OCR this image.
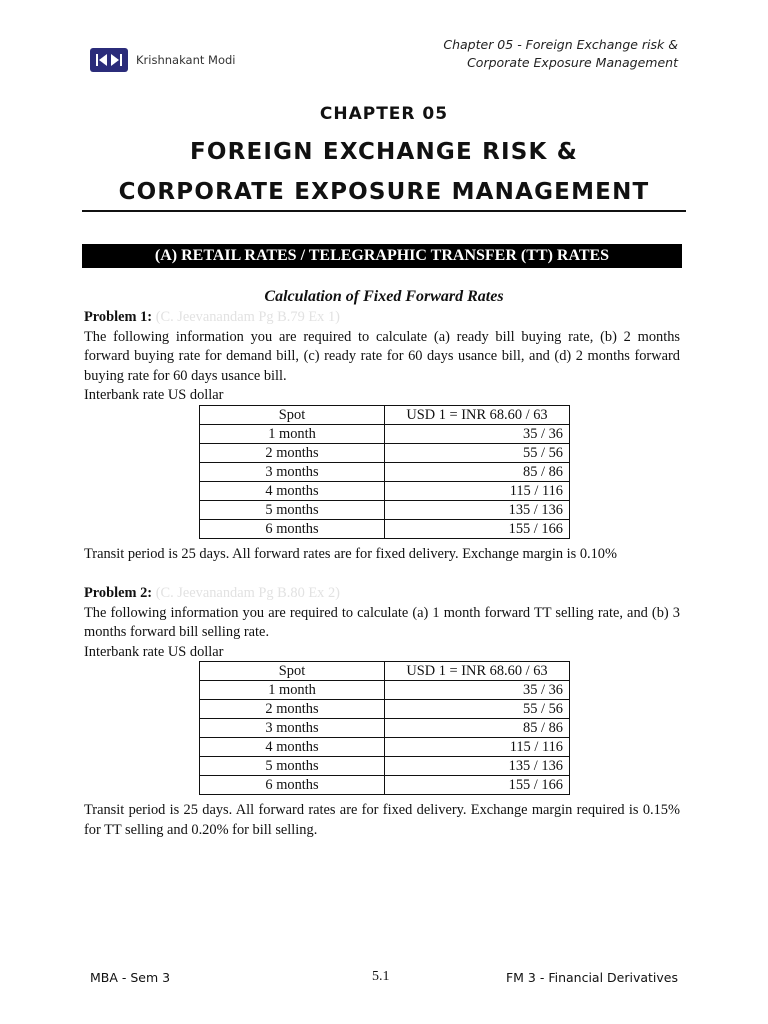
Krishnakant Modi
Chapter 05 - Foreign Exchange risk &
Corporate Exposure Management
CHAPTER 05
FOREIGN EXCHANGE RISK &
CORPORATE EXPOSURE MANAGEMENT
(A) RETAIL RATES / TELEGRAPHIC TRANSFER (TT) RATES
Calculation of Fixed Forward Rates

Problem 1: (C. Jeevanandam Pg B.79 Ex 1)

The following information you are required to calculate (a) ready bill buying rate, (b) 2 months forward buying rate for demand bill, (c) ready rate for 60 days usance bill, and (d) 2 months forward buying rate for 60 days usance bill.

Interbank rate US dollar

Spot	USD 1 = INR 68.60 / 63
1 month	35 / 36
2 months	55 / 56
3 months	85 / 86
4 months	115 / 116
5 months	135 / 136
6 months	155 / 166
Transit period is 25 days. All forward rates are for fixed delivery. Exchange margin is 0.10%

Problem 2: (C. Jeevanandam Pg B.80 Ex 2)

The following information you are required to calculate (a) 1 month forward TT selling rate, and (b) 3 months forward bill selling rate.

Interbank rate US dollar

Spot	USD 1 = INR 68.60 / 63
1 month	35 / 36
2 months	55 / 56
3 months	85 / 86
4 months	115 / 116
5 months	135 / 136
6 months	155 / 166
Transit period is 25 days. All forward rates are for fixed delivery. Exchange margin required is 0.15% for TT selling and 0.20% for bill selling.
MBA - Sem 3	5.1	FM 3 - Financial Derivatives
